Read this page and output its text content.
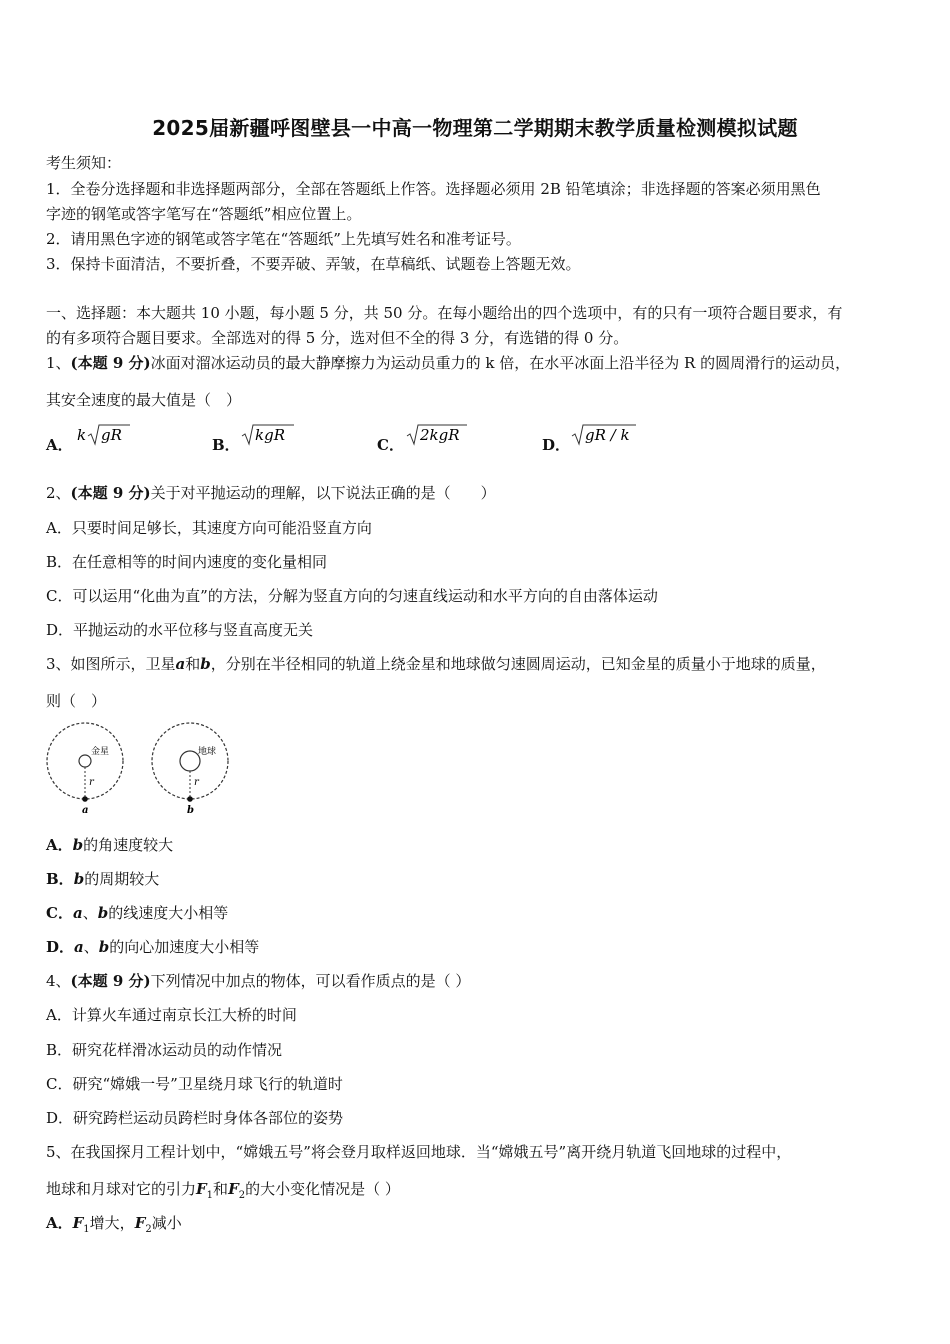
2025届新疆呼图壁县一中高一物理第二学期期末教学质量检测模拟试题
考生须知：
1．全卷分选择题和非选择题两部分，全部在答题纸上作答。选择题必须用 2B 铅笔填涂；非选择题的答案必须用黑色
字迹的钢笔或答字笔写在“答题纸”相应位置上。
2．请用黑色字迹的钢笔或答字笔在“答题纸”上先填写姓名和准考证号。
3．保持卡面清洁，不要折叠，不要弄破、弄皱，在草稿纸、试题卷上答题无效。
一、选择题：本大题共 10 小题，每小题 5 分，共 50 分。在每小题给出的四个选项中，有的只有一项符合题目要求，有
的有多项符合题目要求。全部选对的得 5 分，选对但不全的得 3 分，有选错的得 0 分。
1、(本题 9 分)冰面对溜冰运动员的最大静摩擦力为运动员重力的 k 倍，在水平冰面上沿半径为 R 的圆周滑行的运动员，
其安全速度的最大值是（　）
A．
k gR
B．
kgR
C．
2kgR
D．
gR / k
2、(本题 9 分)关于对平抛运动的理解，以下说法正确的是（　　）
A．只要时间足够长，其速度方向可能沿竖直方向
B．在任意相等的时间内速度的变化量相同
C．可以运用“化曲为直”的方法，分解为竖直方向的匀速直线运动和水平方向的自由落体运动
D．平抛运动的水平位移与竖直高度无关
3、如图所示，卫星a和b，分别在半径相同的轨道上绕金星和地球做匀速圆周运动，已知金星的质量小于地球的质量，
则（　）
金星
r
a
地球
r
b
A．b的角速度较大
B．b的周期较大
C．a、b的线速度大小相等
D．a、b的向心加速度大小相等
4、(本题 9 分)下列情况中加点的物体，可以看作质点的是（ ）
A．计算火车通过南京长江大桥的时间
B．研究花样滑冰运动员的动作情况
C．研究“嫦娥一号”卫星绕月球飞行的轨道时
D．研究跨栏运动员跨栏时身体各部位的姿势
5、在我国探月工程计划中，“嫦娥五号”将会登月取样返回地球．当“嫦娥五号”离开绕月轨道飞回地球的过程中，
地球和月球对它的引力$F_1$和$F_2$的大小变化情况是（ ）
A．$F_1$增大，$F_2$减小
